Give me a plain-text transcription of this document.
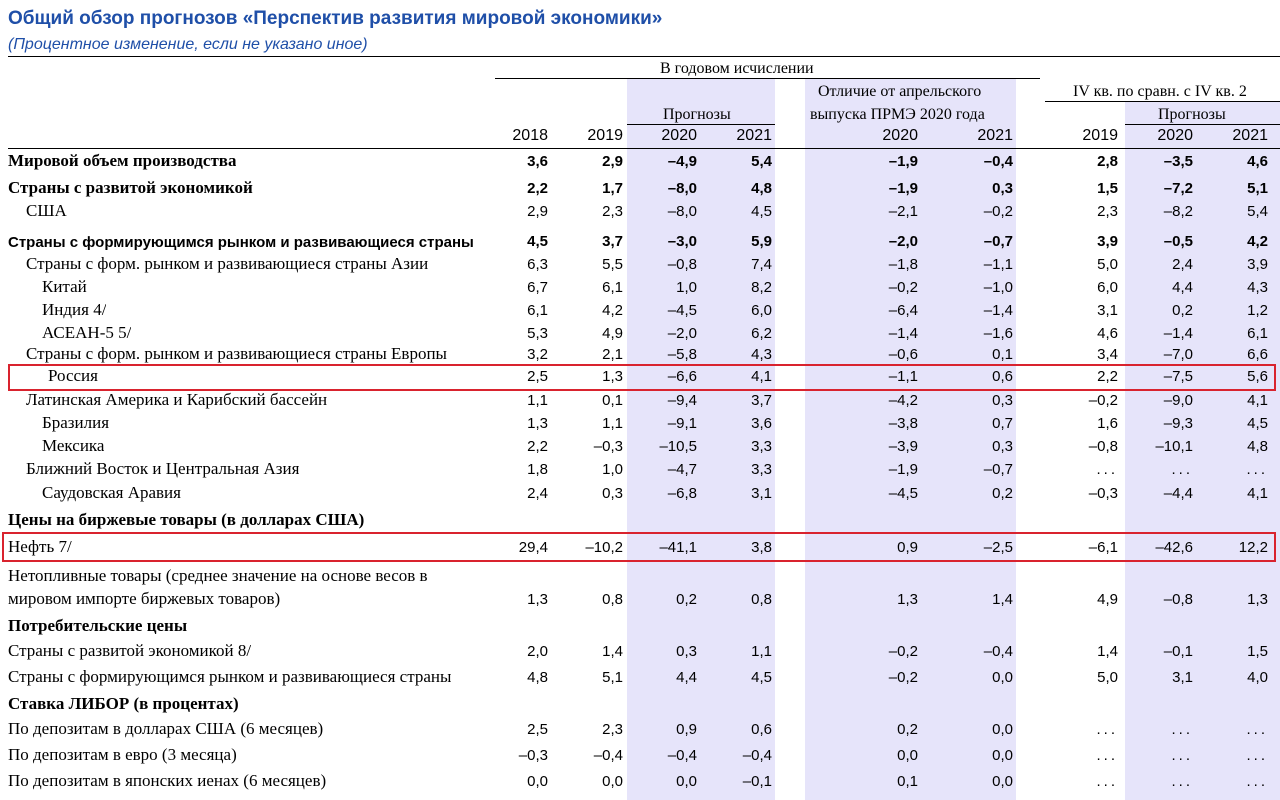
Общий обзор прогнозов «Перспектив развития мировой экономики»
(Процентное изменение, если не указано иное)
В годовом исчислении
Отличие от апрельского
выпуска ПРМЭ 2020 года
IV кв. по сравн. с IV кв. 2
Прогнозы	Прогнозы
2018	2019	2020	2021	2020	2021	2019	2020	2021
Мировой объем производства	3,6	2,9	–4,9	5,4	–1,9	–0,4	2,8	–3,5	4,6
Страны с развитой экономикой	2,2	1,7	–8,0	4,8	–1,9	0,3	1,5	–7,2	5,1
США	2,9	2,3	–8,0	4,5	–2,1	–0,2	2,3	–8,2	5,4
Страны с формирующимся рынком и развивающиеся страны	4,5	3,7	–3,0	5,9	–2,0	–0,7	3,9	–0,5	4,2
Страны с форм. рынком и развивающиеся страны Азии	6,3	5,5	–0,8	7,4	–1,8	–1,1	5,0	2,4	3,9
Китай	6,7	6,1	1,0	8,2	–0,2	–1,0	6,0	4,4	4,3
Индия 4/	6,1	4,2	–4,5	6,0	–6,4	–1,4	3,1	0,2	1,2
АСЕАН-5 5/	5,3	4,9	–2,0	6,2	–1,4	–1,6	4,6	–1,4	6,1
Страны с форм. рынком и развивающиеся страны Европы	3,2	2,1	–5,8	4,3	–0,6	0,1	3,4	–7,0	6,6
Россия	2,5	1,3	–6,6	4,1	–1,1	0,6	2,2	–7,5	5,6
Латинская Америка и Карибский бассейн	1,1	0,1	–9,4	3,7	–4,2	0,3	–0,2	–9,0	4,1
Бразилия	1,3	1,1	–9,1	3,6	–3,8	0,7	1,6	–9,3	4,5
Мексика	2,2	–0,3	–10,5	3,3	–3,9	0,3	–0,8	–10,1	4,8
Ближний Восток и Центральная Азия	1,8	1,0	–4,7	3,3	–1,9	–0,7	...	...	...
Саудовская Аравия	2,4	0,3	–6,8	3,1	–4,5	0,2	–0,3	–4,4	4,1
Цены на биржевые товары (в долларах США)
Нефть 7/	29,4	–10,2	–41,1	3,8	0,9	–2,5	–6,1	–42,6	12,2
Нетопливные товары (среднее значение на основе весов в
мировом импорте биржевых товаров)	1,3	0,8	0,2	0,8	1,3	1,4	4,9	–0,8	1,3
Потребительские цены
Страны с развитой экономикой 8/	2,0	1,4	0,3	1,1	–0,2	–0,4	1,4	–0,1	1,5
Страны с формирующимся рынком и развивающиеся страны	4,8	5,1	4,4	4,5	–0,2	0,0	5,0	3,1	4,0
Ставка ЛИБОР (в процентах)
По депозитам в долларах США (6 месяцев)	2,5	2,3	0,9	0,6	0,2	0,0	...	...	...
По депозитам в евро (3 месяца)	–0,3	–0,4	–0,4	–0,4	0,0	0,0	...	...	...
По депозитам в японских иенах (6 месяцев)	0,0	0,0	0,0	–0,1	0,1	0,0	...	...	...
